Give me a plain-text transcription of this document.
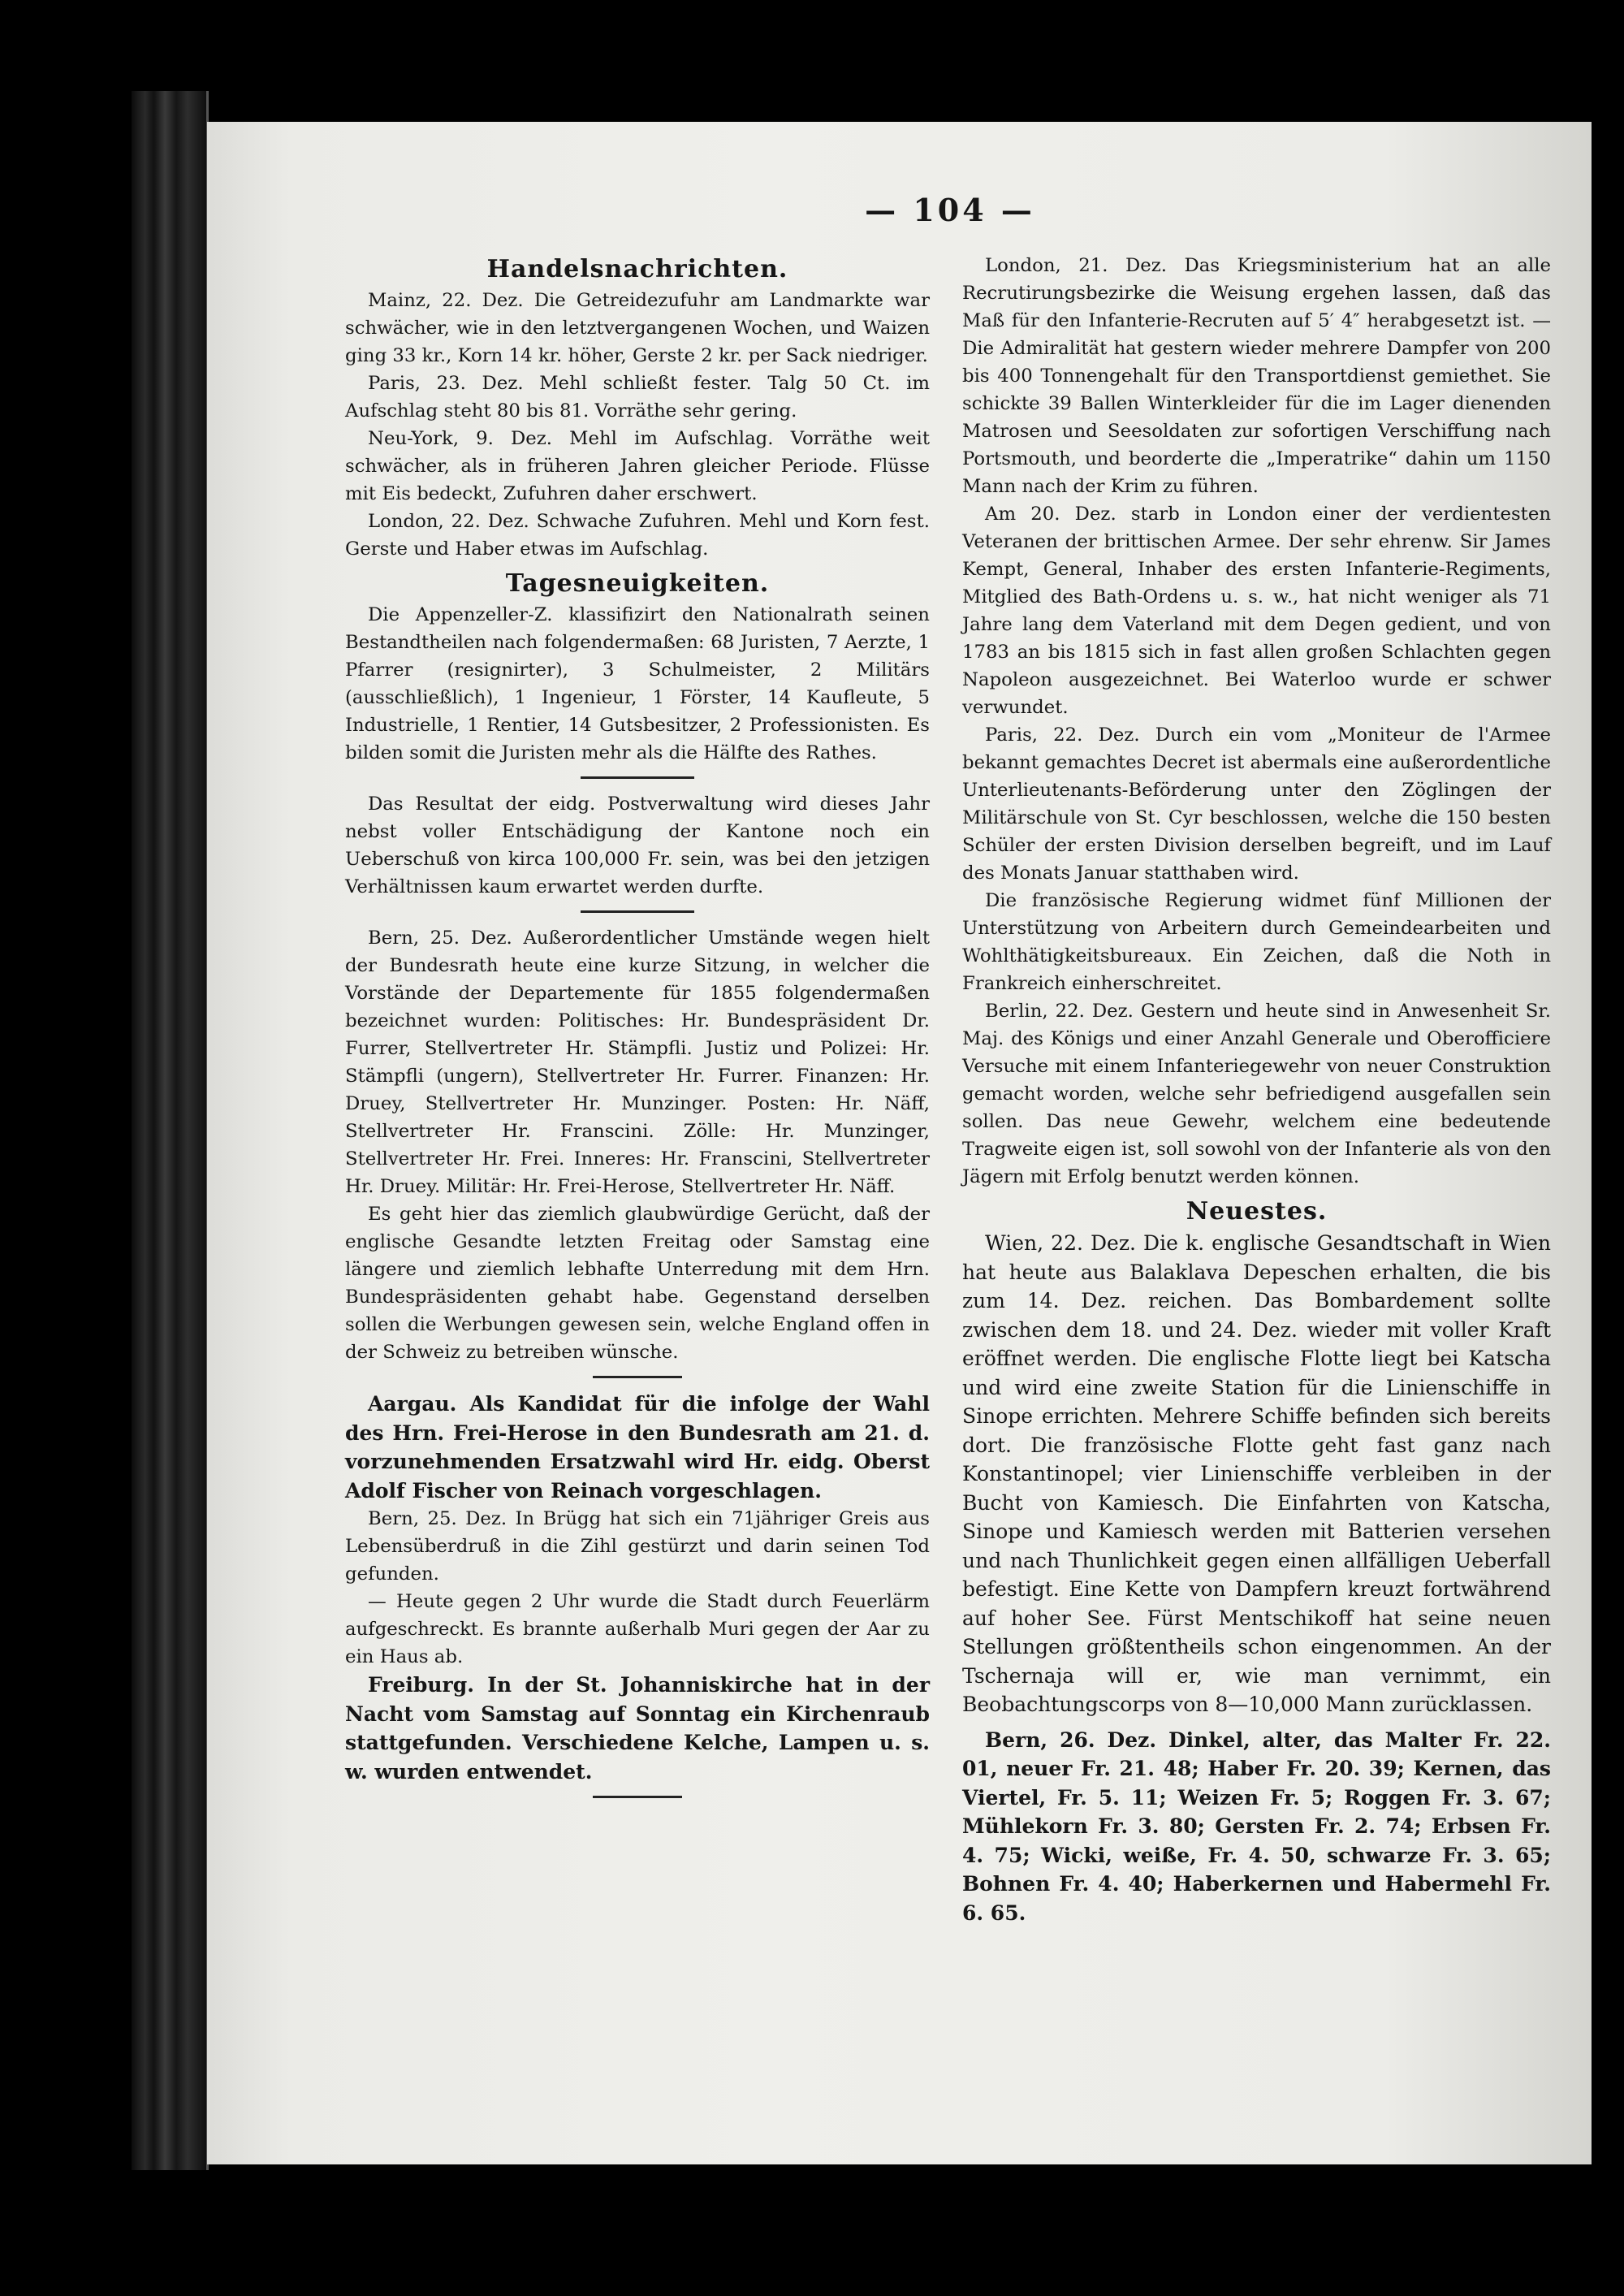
— 104 —
Handelsnachrichten.

Mainz, 22. Dez. Die Getreidezufuhr am Landmarkte war schwächer, wie in den letztvergangenen Wochen, und Waizen ging 33 kr., Korn 14 kr. höher, Gerste 2 kr. per Sack niedriger.

Paris, 23. Dez. Mehl schließt fester. Talg 50 Ct. im Aufschlag steht 80 bis 81. Vorräthe sehr gering.

Neu-York, 9. Dez. Mehl im Aufschlag. Vorräthe weit schwächer, als in früheren Jahren gleicher Periode. Flüsse mit Eis bedeckt, Zufuhren daher erschwert.

London, 22. Dez. Schwache Zufuhren. Mehl und Korn fest. Gerste und Haber etwas im Aufschlag.

Tagesneuigkeiten.

Die Appenzeller-Z. klassifizirt den Nationalrath seinen Bestandtheilen nach folgendermaßen: 68 Juristen, 7 Aerzte, 1 Pfarrer (resignirter), 3 Schulmeister, 2 Militärs (ausschließlich), 1 Ingenieur, 1 Förster, 14 Kaufleute, 5 Industrielle, 1 Rentier, 14 Gutsbesitzer, 2 Professionisten. Es bilden somit die Juristen mehr als die Hälfte des Rathes.

Das Resultat der eidg. Postverwaltung wird dieses Jahr nebst voller Entschädigung der Kantone noch ein Ueberschuß von kirca 100,000 Fr. sein, was bei den jetzigen Verhältnissen kaum erwartet werden durfte.

Bern, 25. Dez. Außerordentlicher Umstände wegen hielt der Bundesrath heute eine kurze Sitzung, in welcher die Vorstände der Departemente für 1855 folgendermaßen bezeichnet wurden: Politisches: Hr. Bundespräsident Dr. Furrer, Stellvertreter Hr. Stämpfli. Justiz und Polizei: Hr. Stämpfli (ungern), Stellvertreter Hr. Furrer. Finanzen: Hr. Druey, Stellvertreter Hr. Munzinger. Posten: Hr. Näff, Stellvertreter Hr. Franscini. Zölle: Hr. Munzinger, Stellvertreter Hr. Frei. Inneres: Hr. Franscini, Stellvertreter Hr. Druey. Militär: Hr. Frei-Herose, Stellvertreter Hr. Näff.

Es geht hier das ziemlich glaubwürdige Gerücht, daß der englische Gesandte letzten Freitag oder Samstag eine längere und ziemlich lebhafte Unterredung mit dem Hrn. Bundespräsidenten gehabt habe. Gegenstand derselben sollen die Werbungen gewesen sein, welche England offen in der Schweiz zu betreiben wünsche.

Aargau. Als Kandidat für die infolge der Wahl des Hrn. Frei-Herose in den Bundesrath am 21. d. vorzunehmenden Ersatzwahl wird Hr. eidg. Oberst Adolf Fischer von Reinach vorgeschlagen.

Bern, 25. Dez. In Brügg hat sich ein 71jähriger Greis aus Lebensüberdruß in die Zihl gestürzt und darin seinen Tod gefunden.

— Heute gegen 2 Uhr wurde die Stadt durch Feuerlärm aufgeschreckt. Es brannte außerhalb Muri gegen der Aar zu ein Haus ab.

Freiburg. In der St. Johanniskirche hat in der Nacht vom Samstag auf Sonntag ein Kirchenraub stattgefunden. Verschiedene Kelche, Lampen u. s. w. wurden entwendet.

London, 21. Dez. Das Kriegsministerium hat an alle Recrutirungsbezirke die Weisung ergehen lassen, daß das Maß für den Infanterie-Recruten auf 5′ 4″ herabgesetzt ist. — Die Admiralität hat gestern wieder mehrere Dampfer von 200 bis 400 Tonnengehalt für den Transportdienst gemiethet. Sie schickte 39 Ballen Winterkleider für die im Lager dienenden Matrosen und Seesoldaten zur sofortigen Verschiffung nach Portsmouth, und beorderte die „Imperatrike“ dahin um 1150 Mann nach der Krim zu führen.

Am 20. Dez. starb in London einer der verdientesten Veteranen der brittischen Armee. Der sehr ehrenw. Sir James Kempt, General, Inhaber des ersten Infanterie-Regiments, Mitglied des Bath-Ordens u. s. w., hat nicht weniger als 71 Jahre lang dem Vaterland mit dem Degen gedient, und von 1783 an bis 1815 sich in fast allen großen Schlachten gegen Napoleon ausgezeichnet. Bei Waterloo wurde er schwer verwundet.

Paris, 22. Dez. Durch ein vom „Moniteur de l'Armee bekannt gemachtes Decret ist abermals eine außerordentliche Unterlieutenants-Beförderung unter den Zöglingen der Militärschule von St. Cyr beschlossen, welche die 150 besten Schüler der ersten Division derselben begreift, und im Lauf des Monats Januar statthaben wird.

Die französische Regierung widmet fünf Millionen der Unterstützung von Arbeitern durch Gemeindearbeiten und Wohlthätigkeitsbureaux. Ein Zeichen, daß die Noth in Frankreich einherschreitet.

Berlin, 22. Dez. Gestern und heute sind in Anwesenheit Sr. Maj. des Königs und einer Anzahl Generale und Oberofficiere Versuche mit einem Infanteriegewehr von neuer Construktion gemacht worden, welche sehr befriedigend ausgefallen sein sollen. Das neue Gewehr, welchem eine bedeutende Tragweite eigen ist, soll sowohl von der Infanterie als von den Jägern mit Erfolg benutzt werden können.

Neuestes.

Wien, 22. Dez. Die k. englische Gesandtschaft in Wien hat heute aus Balaklava Depeschen erhalten, die bis zum 14. Dez. reichen. Das Bombardement sollte zwischen dem 18. und 24. Dez. wieder mit voller Kraft eröffnet werden. Die englische Flotte liegt bei Katscha und wird eine zweite Station für die Linienschiffe in Sinope errichten. Mehrere Schiffe befinden sich bereits dort. Die französische Flotte geht fast ganz nach Konstantinopel; vier Linienschiffe verbleiben in der Bucht von Kamiesch. Die Einfahrten von Katscha, Sinope und Kamiesch werden mit Batterien versehen und nach Thunlichkeit gegen einen allfälligen Ueberfall befestigt. Eine Kette von Dampfern kreuzt fortwährend auf hoher See. Fürst Mentschikoff hat seine neuen Stellungen größtentheils schon eingenommen. An der Tschernaja will er, wie man vernimmt, ein Beobachtungscorps von 8—10,000 Mann zurücklassen.

Bern, 26. Dez. Dinkel, alter, das Malter Fr. 22. 01, neuer Fr. 21. 48; Haber Fr. 20. 39; Kernen, das Viertel, Fr. 5. 11; Weizen Fr. 5; Roggen Fr. 3. 67; Mühlekorn Fr. 3. 80; Gersten Fr. 2. 74; Erbsen Fr. 4. 75; Wicki, weiße, Fr. 4. 50, schwarze Fr. 3. 65; Bohnen Fr. 4. 40; Haberkernen und Habermehl Fr. 6. 65.
